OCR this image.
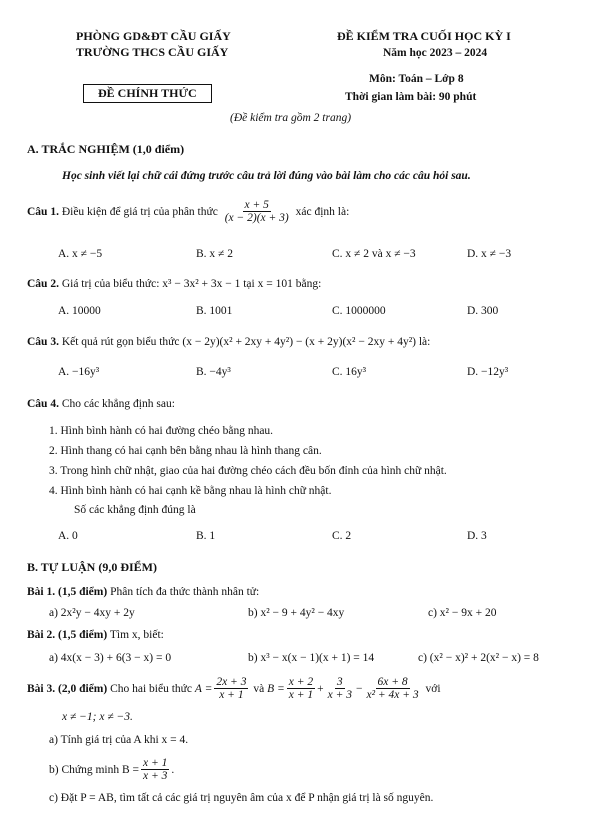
PHÒNG GD&ĐT CẦU GIẤY
TRƯỜNG THCS CẦU GIẤY
ĐỀ CHÍNH THỨC
ĐỀ KIỂM TRA CUỐI HỌC KỲ I
Năm học 2023 – 2024
Môn: Toán – Lớp 8
Thời gian làm bài: 90 phút
(Đề kiểm tra gồm 2 trang)
A. TRẮC NGHIỆM (1,0 điểm)
Học sinh viết lại chữ cái đứng trước câu trả lời đúng vào bài làm cho các câu hỏi sau.
Câu 1.
Điều kiện để giá trị của phân thức
$\frac{x + 5}{(x - 2)(x + 3)}$
xác định là:
A. x ≠ −5	B. x ≠ 2	C. x ≠ 2 và x ≠ −3	D. x ≠ −3
Câu 2. Giá trị của biểu thức: x³ − 3x² + 3x − 1 tại x = 101 bằng:
A. 10000	B. 1001	C. 1000000	D. 300
Câu 3. Kết quả rút gọn biểu thức (x − 2y)(x² + 2xy + 4y²) − (x + 2y)(x² − 2xy + 4y²) là:
A. −16y³	B. −4y³	C. 16y³	D. −12y³
Câu 4. Cho các khẳng định sau:
1. Hình bình hành có hai đường chéo bằng nhau.
2. Hình thang có hai cạnh bên bằng nhau là hình thang cân.
3. Trong hình chữ nhật, giao của hai đường chéo cách đều bốn đỉnh của hình chữ nhật.
4. Hình bình hành có hai cạnh kề bằng nhau là hình chữ nhật.
Số các khẳng định đúng là
A. 0	B. 1	C. 2	D. 3
B. TỰ LUẬN (9,0 ĐIỂM)
Bài 1. (1,5 điểm) Phân tích đa thức thành nhân tử:
a) 2x²y − 4xy + 2y	b) x² − 9 + 4y² − 4xy	c) x² − 9x + 20
Bài 2. (1,5 điểm) Tìm x, biết:
a) 4x(x − 3) + 6(3 − x) = 0	b) x³ − x(x − 1)(x + 1) = 14	c) (x² − x)² + 2(x² − x) = 8
Bài 3.
(2,0 điểm)
Cho hai biểu thức
$A = \frac{2x + 3}{x + 1}$
và
$B = \frac{x + 2}{x + 1} + \frac{3}{x + 3} - \frac{6x + 8}{\text{x² + 4x + 3}}$
với
x ≠ −1; x ≠ −3.
a) Tính giá trị của A khi x = 4.
b) Chứng minh $B = \frac{x + 1}{x + 3}$ .
c) Đặt P = AB, tìm tất cả các giá trị nguyên âm của x để P nhận giá trị là số nguyên.
